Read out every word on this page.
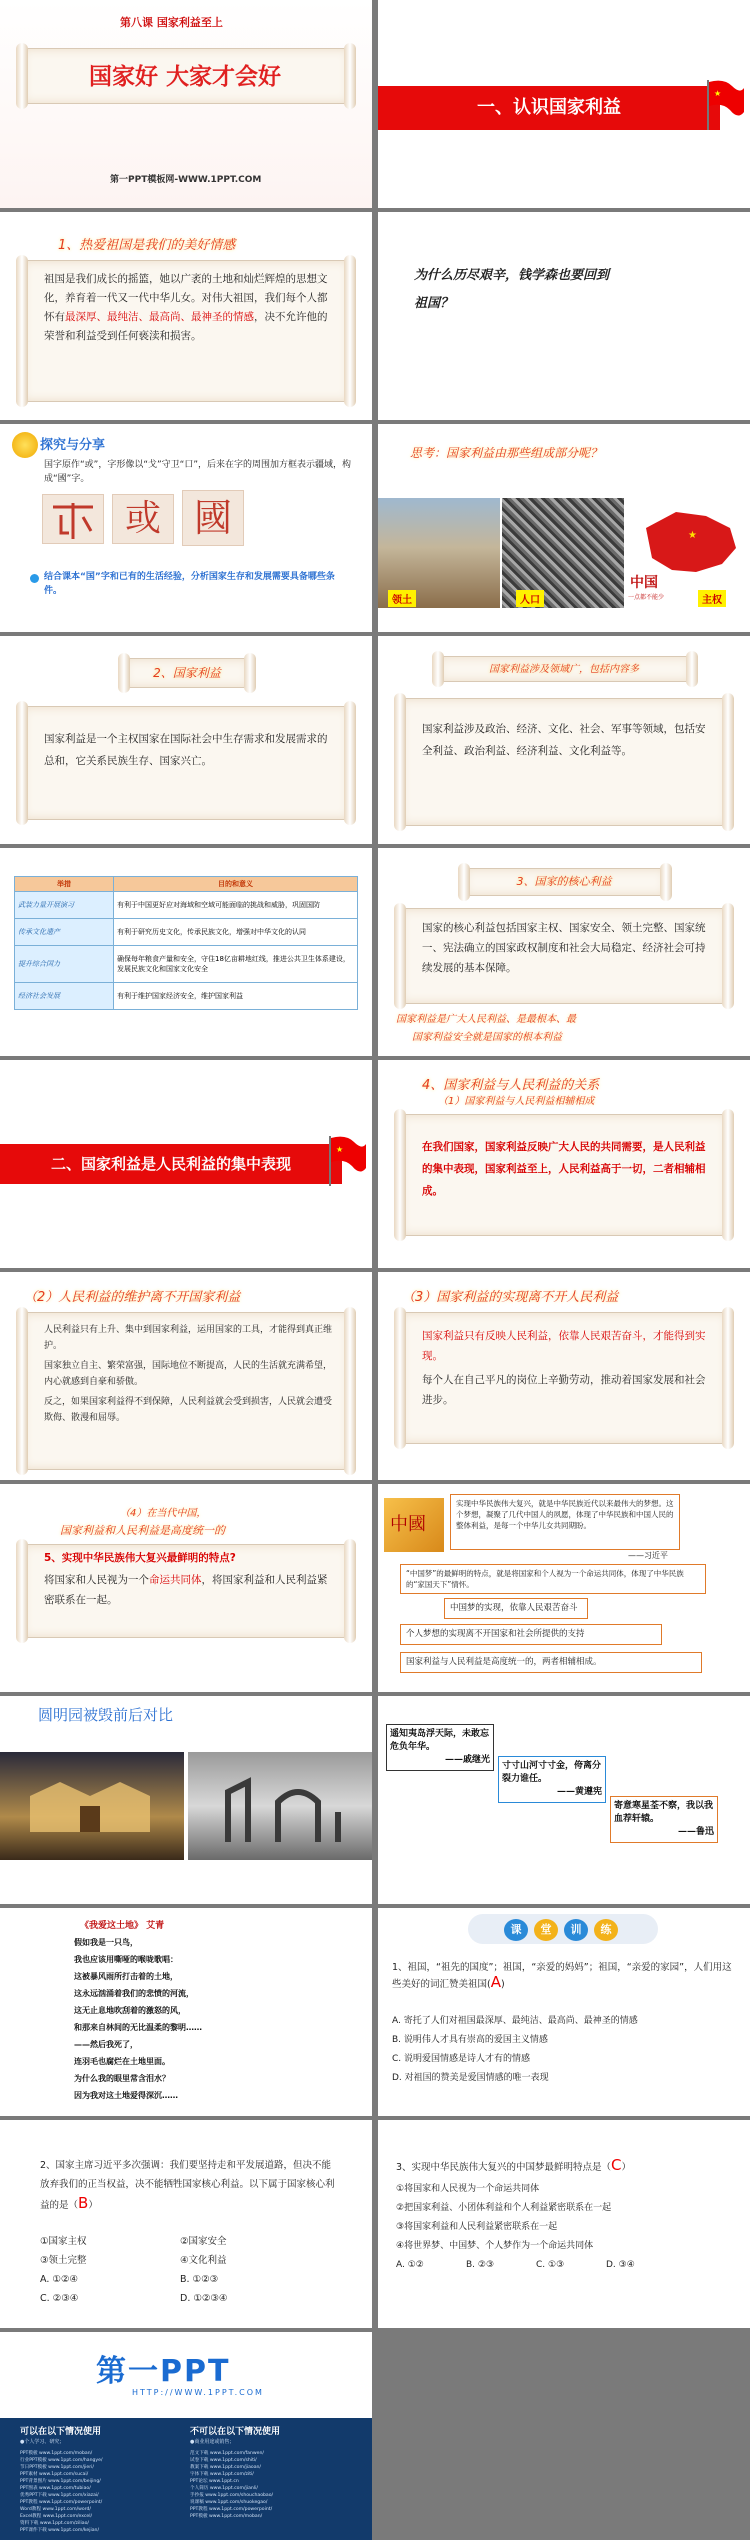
第八课 国家利益至上
国家好 大家才会好
第一PPT模板网-WWW.1PPT.COM
一、认识国家利益
★
1、热爱祖国是我们的美好情感
祖国是我们成长的摇篮，她以广袤的土地和灿烂辉煌的思想文化，养育着一代又一代中华儿女。对伟大祖国，我们每个人都怀有最深厚、最纯洁、最高尚、最神圣的情感，决不允许他的荣誉和利益受到任何亵渎和损害。
为什么历尽艰辛，钱学森也要回到祖国？
探究与分享
国字原作“或”，字形像以“戈”守卫“口”，后来在字的周围加方框表示疆域，构成“國”字。
或 國
结合课本“国”字和已有的生活经验，分析国家生存和发展需要具备哪些条件。
思考：国家利益由那些组成部分呢？
★
中国
一点都不能少
领土	人口	主权
2、国家利益
国家利益是一个主权国家在国际社会中生存需求和发展需求的总和，它关系民族生存、国家兴亡。
国家利益涉及领域广，包括内容多
国家利益涉及政治、经济、文化、社会、军事等领域，包括安全利益、政治利益、经济利益、文化利益等。
举措	目的和意义
武装力量开展演习	有利于中国更好应对海域和空域可能面临的挑战和威胁，巩固国防
传承文化遗产	有利于研究历史文化，传承民族文化，增强对中华文化的认同
提升综合国力	确保每年粮食产量和安全，守住18亿亩耕地红线，推进公共卫生体系建设，发展民族文化和国家文化安全
经济社会发展	有利于维护国家经济安全，维护国家利益
3、国家的核心利益
国家的核心利益包括国家主权、国家安全、领土完整、国家统一、宪法确立的国家政权制度和社会大局稳定、经济社会可持续发展的基本保障。
国家利益是广大人民利益、是最根本、最
国家利益安全就是国家的根本利益
二、国家利益是人民利益的集中表现
★
4、国家利益与人民利益的关系
（1）国家利益与人民利益相辅相成
在我们国家，国家利益反映广大人民的共同需要，是人民利益的集中表现，国家利益至上，人民利益高于一切，二者相辅相成。
（2）人民利益的维护离不开国家利益
人民利益只有上升、集中到国家利益，运用国家的工具，才能得到真正维护。
国家独立自主、繁荣富强，国际地位不断提高，人民的生活就充满希望，内心就感到自豪和骄傲。
反之，如果国家利益得不到保障，人民利益就会受到损害，人民就会遭受欺侮、散漫和屈辱。
（3）国家利益的实现离不开人民利益
国家利益只有反映人民利益，依靠人民艰苦奋斗，才能得到实现。
每个人在自己平凡的岗位上辛勤劳动，推动着国家发展和社会进步。
（4）在当代中国，
国家利益和人民利益是高度统一的
5、实现中华民族伟大复兴最鲜明的特点?
将国家和人民视为一个命运共同体，将国家利益和人民利益紧密联系在一起。
中國
实现中华民族伟大复兴，就是中华民族近代以来最伟大的梦想。这个梦想，凝聚了几代中国人的夙愿，体现了中华民族和中国人民的整体利益，是每一个中华儿女共同期盼。
——习近平
“中国梦”的最鲜明的特点，就是将国家和个人视为一个命运共同体，体现了中华民族的“家国天下”情怀。
中国梦的实现，依靠人民艰苦奋斗
个人梦想的实现离不开国家和社会所提供的支持
国家利益与人民利益是高度统一的，两者相辅相成。
圆明园被毁前后对比
遥知夷岛浮天际，未敢忘危负年华。
——戚继光
寸寸山河寸寸金，侉离分裂力谁任。
——黄遵宪
寄意寒星荃不察，我以我血荐轩辕。
——鲁迅
《我爱这土地》 艾青
假如我是一只鸟，
我也应该用嘶哑的喉咙歌唱：
这被暴风雨所打击着的土地，
这永远汹涌着我们的悲愤的河流，
这无止息地吹刮着的激怒的风，
和那来自林间的无比温柔的黎明……
——然后我死了，
连羽毛也腐烂在土地里面。
为什么我的眼里常含泪水？
因为我对这土地爱得深沉……
课 堂 训 练
1、祖国，“祖先的国度”；祖国，“亲爱的妈妈”；祖国，“亲爱的家园”，人们用这些美好的词汇赞美祖国(A)
A. 寄托了人们对祖国最深厚、最纯洁、最高尚、最神圣的情感
B. 说明伟人才具有崇高的爱国主义情感
C. 说明爱国情感是诗人才有的情感
D. 对祖国的赞美是爱国情感的唯一表现
2、国家主席习近平多次强调：我们要坚持走和平发展道路，但决不能放弃我们的正当权益，决不能牺牲国家核心利益。以下属于国家核心利益的是（B）
①国家主权	②国家安全
③领土完整	④文化利益
A. ①②④	B. ①②③
C. ②③④	D. ①②③④
3、实现中华民族伟大复兴的中国梦最鲜明特点是（C）
①将国家和人民视为一个命运共同体
②把国家利益、小团体利益和个人利益紧密联系在一起
③将国家利益和人民利益紧密联系在一起
④将世界梦、中国梦、个人梦作为一个命运共同体
A. ①②	B. ②③	C. ①③	D. ③④
第一PPT
HTTP://WWW.1PPT.COM
可以在以下情况使用
●个人学习、研究；
不可以在以下情况使用
●商业用途或销售；
PPT模板 www.1ppt.com/moban/
行业PPT模板 www.1ppt.com/hangye/
节日PPT模板 www.1ppt.com/jieri/
PPT素材 www.1ppt.com/sucai/
PPT背景图片 www.1ppt.com/beijing/
PPT图表 www.1ppt.com/tubiao/
优秀PPT下载 www.1ppt.com/xiazai/
PPT教程 www.1ppt.com/powerpoint/
Word教程 www.1ppt.com/word/
Excel教程 www.1ppt.com/excel/
资料下载 www.1ppt.com/ziliao/
PPT课件下载 www.1ppt.com/kejian/
范文下载 www.1ppt.com/fanwen/
试卷下载 www.1ppt.com/shiti/
教案下载 www.1ppt.com/jiaoan/
字体下载 www.1ppt.com/ziti/
PPT论坛 www.1ppt.cn
个人简历 www.1ppt.com/jianli/
手抄报 www.1ppt.com/shouchaobao/
说课稿 www.1ppt.com/shuokegao/
PPT教程 www.1ppt.com/powerpoint/
PPT模板 www.1ppt.com/moban/
